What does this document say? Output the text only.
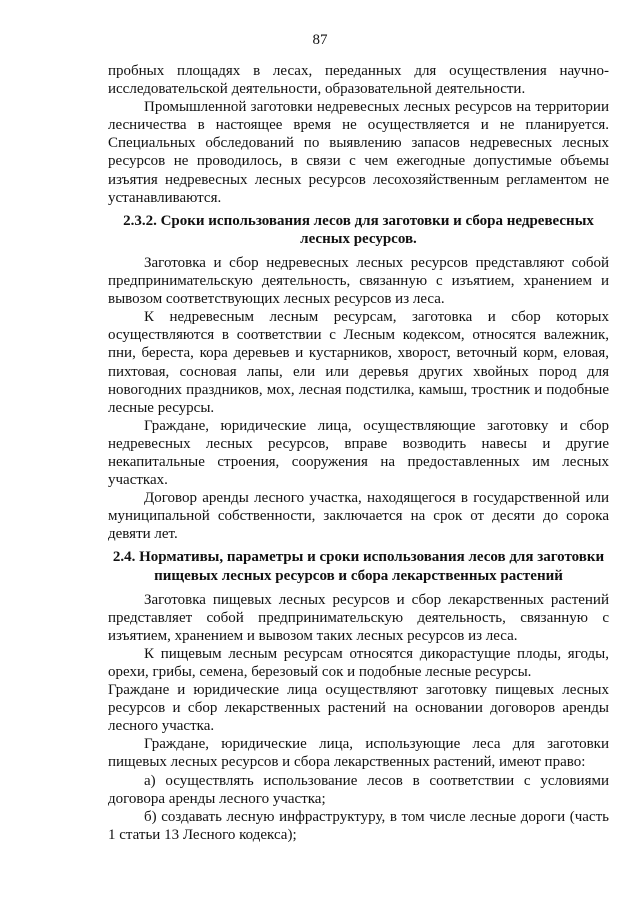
87
пробных площадях в лесах, переданных для осуществления научно-
исследовательской деятельности, образовательной деятельности.
Промышленной заготовки недревесных лесных ресурсов на территории
лесничества в настоящее время не осуществляется и не планируется.
Специальных обследований по выявлению запасов недревесных лесных
ресурсов не проводилось, в связи с чем ежегодные допустимые объемы
изъятия недревесных лесных ресурсов лесохозяйственным регламентом не
устанавливаются.
2.3.2. Сроки использования лесов для заготовки и сбора недревесных
лесных ресурсов.
Заготовка и сбор недревесных лесных ресурсов представляют собой
предпринимательскую деятельность, связанную с изъятием, хранением и
вывозом соответствующих лесных ресурсов из леса.
К недревесным лесным ресурсам, заготовка и сбор которых
осуществляются в соответствии с Лесным кодексом, относятся валежник,
пни, береста, кора деревьев и кустарников, хворост, веточный корм, еловая,
пихтовая, сосновая лапы, ели или деревья других хвойных пород для
новогодних праздников, мох, лесная подстилка, камыш, тростник и подобные
лесные ресурсы.
Граждане, юридические лица, осуществляющие заготовку и сбор
недревесных лесных ресурсов, вправе возводить навесы и другие
некапитальные строения, сооружения на предоставленных им лесных
участках.
Договор аренды лесного участка, находящегося в государственной или
муниципальной собственности, заключается на срок от десяти до сорока
девяти лет.
2.4. Нормативы, параметры и сроки использования лесов для заготовки
пищевых лесных ресурсов и сбора лекарственных растений
Заготовка пищевых лесных ресурсов и сбор лекарственных растений
представляет собой предпринимательскую деятельность, связанную с
изъятием, хранением и вывозом таких лесных ресурсов из леса.
К пищевым лесным ресурсам относятся дикорастущие плоды, ягоды,
орехи, грибы, семена, березовый сок и подобные лесные ресурсы.
Граждане и юридические лица осуществляют заготовку пищевых лесных
ресурсов и сбор лекарственных растений на основании договоров аренды
лесного участка.
Граждане, юридические лица, использующие леса для заготовки
пищевых лесных ресурсов и сбора лекарственных растений, имеют право:
а) осуществлять использование лесов в соответствии с условиями
договора аренды лесного участка;
б) создавать лесную инфраструктуру, в том числе лесные дороги (часть
1 статьи 13 Лесного кодекса);
